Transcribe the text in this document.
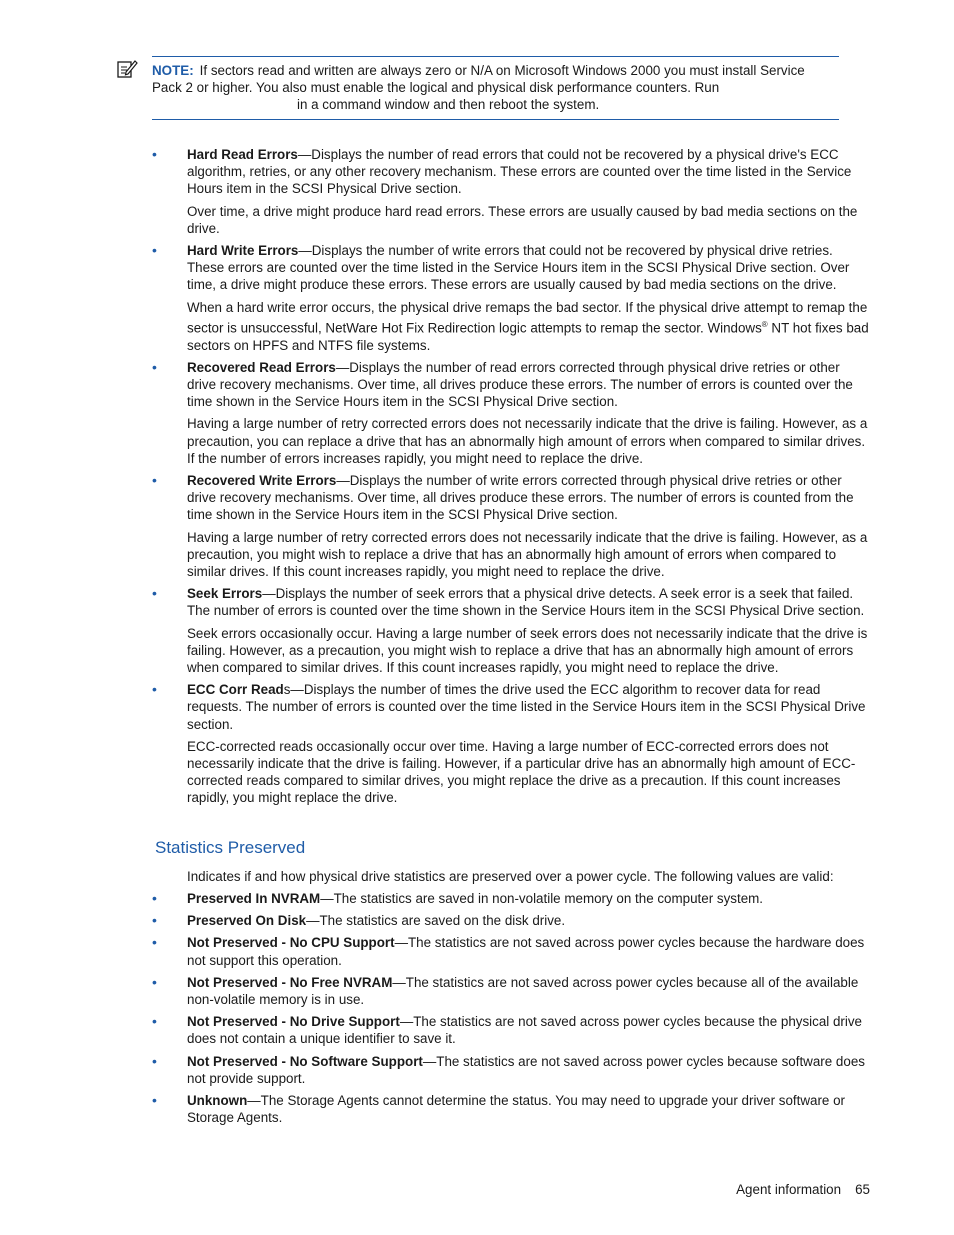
NOTE: If sectors read and written are always zero or N/A on Microsoft Windows 2000 you must install Service Pack 2 or higher. You also must enable the logical and physical disk performance counters. Run
in a command window and then reboot the system.
• Hard Read Errors—Displays the number of read errors that could not be recovered by a physical drive's ECC algorithm, retries, or any other recovery mechanism. These errors are counted over the time listed in the Service Hours item in the SCSI Physical Drive section.

Over time, a drive might produce hard read errors. These errors are usually caused by bad media sections on the drive.

• Hard Write Errors—Displays the number of write errors that could not be recovered by physical drive retries. These errors are counted over the time listed in the Service Hours item in the SCSI Physical Drive section. Over time, a drive might produce these errors. These errors are usually caused by bad media sections on the drive.

When a hard write error occurs, the physical drive remaps the bad sector. If the physical drive attempt to remap the sector is unsuccessful, NetWare Hot Fix Redirection logic attempts to remap the sector. Windows® NT hot fixes bad sectors on HPFS and NTFS file systems.

• Recovered Read Errors—Displays the number of read errors corrected through physical drive retries or other drive recovery mechanisms. Over time, all drives produce these errors. The number of errors is counted over the time shown in the Service Hours item in the SCSI Physical Drive section.

Having a large number of retry corrected errors does not necessarily indicate that the drive is failing. However, as a precaution, you can replace a drive that has an abnormally high amount of errors when compared to similar drives. If the number of errors increases rapidly, you might need to replace the drive.

• Recovered Write Errors—Displays the number of write errors corrected through physical drive retries or other drive recovery mechanisms. Over time, all drives produce these errors. The number of errors is counted from the time shown in the Service Hours item in the SCSI Physical Drive section.

Having a large number of retry corrected errors does not necessarily indicate that the drive is failing. However, as a precaution, you might wish to replace a drive that has an abnormally high amount of errors when compared to similar drives. If this count increases rapidly, you might need to replace the drive.

• Seek Errors—Displays the number of seek errors that a physical drive detects. A seek error is a seek that failed. The number of errors is counted over the time shown in the Service Hours item in the SCSI Physical Drive section.

Seek errors occasionally occur. Having a large number of seek errors does not necessarily indicate that the drive is failing. However, as a precaution, you might wish to replace a drive that has an abnormally high amount of errors when compared to similar drives. If this count increases rapidly, you might need to replace the drive.

• ECC Corr Reads—Displays the number of times the drive used the ECC algorithm to recover data for read requests. The number of errors is counted over the time listed in the Service Hours item in the SCSI Physical Drive section.

ECC-corrected reads occasionally occur over time. Having a large number of ECC-corrected errors does not necessarily indicate that the drive is failing. However, if a particular drive has an abnormally high amount of ECC-corrected reads compared to similar drives, you might replace the drive as a precaution. If this count increases rapidly, you might replace the drive.

Statistics Preserved
Indicates if and how physical drive statistics are preserved over a power cycle. The following values are valid:
• Preserved In NVRAM—The statistics are saved in non-volatile memory on the computer system.

• Preserved On Disk—The statistics are saved on the disk drive.

• Not Preserved - No CPU Support—The statistics are not saved across power cycles because the hardware does not support this operation.

• Not Preserved - No Free NVRAM—The statistics are not saved across power cycles because all of the available non-volatile memory is in use.

• Not Preserved - No Drive Support—The statistics are not saved across power cycles because the physical drive does not contain a unique identifier to save it.

• Not Preserved - No Software Support—The statistics are not saved across power cycles because software does not provide support.

• Unknown—The Storage Agents cannot determine the status. You may need to upgrade your driver software or Storage Agents.

Agent information 65
